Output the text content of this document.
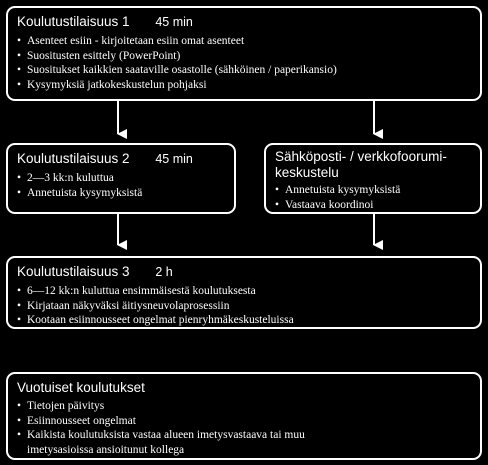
Koulutustilaisuus 1 45 min
• Asenteet esiin - kirjoitetaan esiin omat asenteet
• Suositusten esittely (PowerPoint)
• Suositukset kaikkien saataville osastolle (sähköinen / paperikansio)
• Kysymyksiä jatkokeskustelun pohjaksi
Koulutustilaisuus 2 45 min
• 2—3 kk:n kuluttua
• Annetuista kysymyksistä
Sähköposti- / verkkofoorumi-keskustelu
• Annetuista kysymyksistä
• Vastaava koordinoi
Koulutustilaisuus 3 2 h
• 6—12 kk:n kuluttua ensimmäisestä koulutuksesta
• Kirjataan näkyväksi äitiysneuvolaprosessiin
• Kootaan esiinnousseet ongelmat pienryhmäkeskusteluissa
Vuotuiset koulutukset
• Tietojen päivitys
• Esiinnousseet ongelmat
• Kaikista koulutuksista vastaa alueen imetysvastaava tai muu imetysasioissa ansioitunut kollega
